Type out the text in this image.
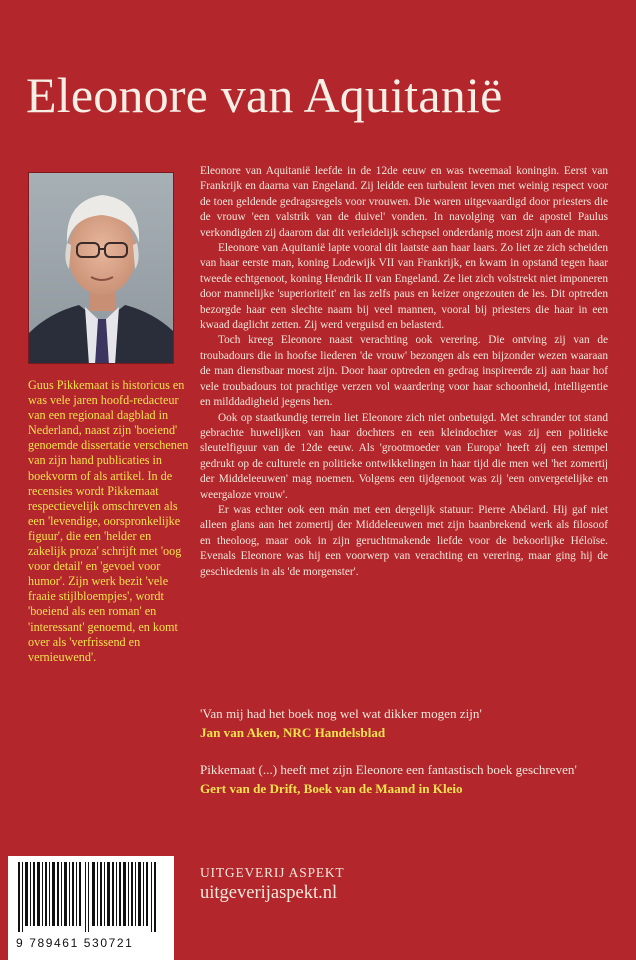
Eleonore van Aquitanië

Guus Pikkemaat is historicus en was vele jaren hoofd-redacteur van een regionaal dagblad in Nederland, naast zijn 'boeiend' genoemde dissertatie verschenen van zijn hand publicaties in boekvorm of als artikel. In de recensies wordt Pikkemaat respectievelijk omschreven als een 'levendige, oorspronkelijke figuur', die een 'helder en zakelijk proza' schrijft met 'oog voor detail' en 'gevoel voor humor'. Zijn werk bezit 'vele fraaie stijlbloempjes', wordt 'boeiend als een roman' en 'interessant' genoemd, en komt over als 'verfrissend en vernieuwend'.

Eleonore van Aquitanië leefde in de 12de eeuw en was tweemaal koningin. Eerst van Frankrijk en daarna van Engeland. Zij leidde een turbulent leven met weinig respect voor de toen geldende gedragsregels voor vrouwen. Die waren uitgevaardigd door priesters die de vrouw 'een valstrik van de duivel' vonden. In navolging van de apostel Paulus verkondigden zij daarom dat dit verleidelijk schepsel onderdanig moest zijn aan de man.

Eleonore van Aquitanië lapte vooral dit laatste aan haar laars. Zo liet ze zich scheiden van haar eerste man, koning Lodewijk VII van Frankrijk, en kwam in opstand tegen haar tweede echtgenoot, koning Hendrik II van Engeland. Ze liet zich volstrekt niet imponeren door mannelijke 'superioriteit' en las zelfs paus en keizer ongezouten de les. Dit optreden bezorgde haar een slechte naam bij veel mannen, vooral bij priesters die haar in een kwaad daglicht zetten. Zij werd verguisd en belasterd.

Toch kreeg Eleonore naast verachting ook verering. Die ontving zij van de troubadours die in hoofse liederen 'de vrouw' bezongen als een bijzonder wezen waaraan de man dienstbaar moest zijn. Door haar optreden en gedrag inspireerde zij aan haar hof vele troubadours tot prachtige verzen vol waardering voor haar schoonheid, intelligentie en milddadigheid jegens hen.

Ook op staatkundig terrein liet Eleonore zich niet onbetuigd. Met schrander tot stand gebrachte huwelijken van haar dochters en een kleindochter was zij een politieke sleutelfiguur van de 12de eeuw. Als 'grootmoeder van Europa' heeft zij een stempel gedrukt op de culturele en politieke ontwikkelingen in haar tijd die men wel 'het zomertij der Middeleeuwen' mag noemen. Volgens een tijdgenoot was zij 'een onvergetelijke en weergaloze vrouw'.

Er was echter ook een mán met een dergelijk statuur: Pierre Abélard. Hij gaf niet alleen glans aan het zomertij der Middeleeuwen met zijn baanbrekend werk als filosoof en theoloog, maar ook in zijn geruchtmakende liefde voor de bekoorlijke Héloïse. Evenals Eleonore was hij een voorwerp van verachting en verering, maar ging hij de geschiedenis in als 'de morgenster'.

'Van mij had het boek nog wel wat dikker mogen zijn'
Jan van Aken, NRC Handelsblad
Pikkemaat (...) heeft met zijn Eleonore een fantastisch boek geschreven'
Gert van de Drift, Boek van de Maand in Kleio
9 789461 530721
UITGEVERIJ ASPEKT
uitgeverijaspekt.nl
